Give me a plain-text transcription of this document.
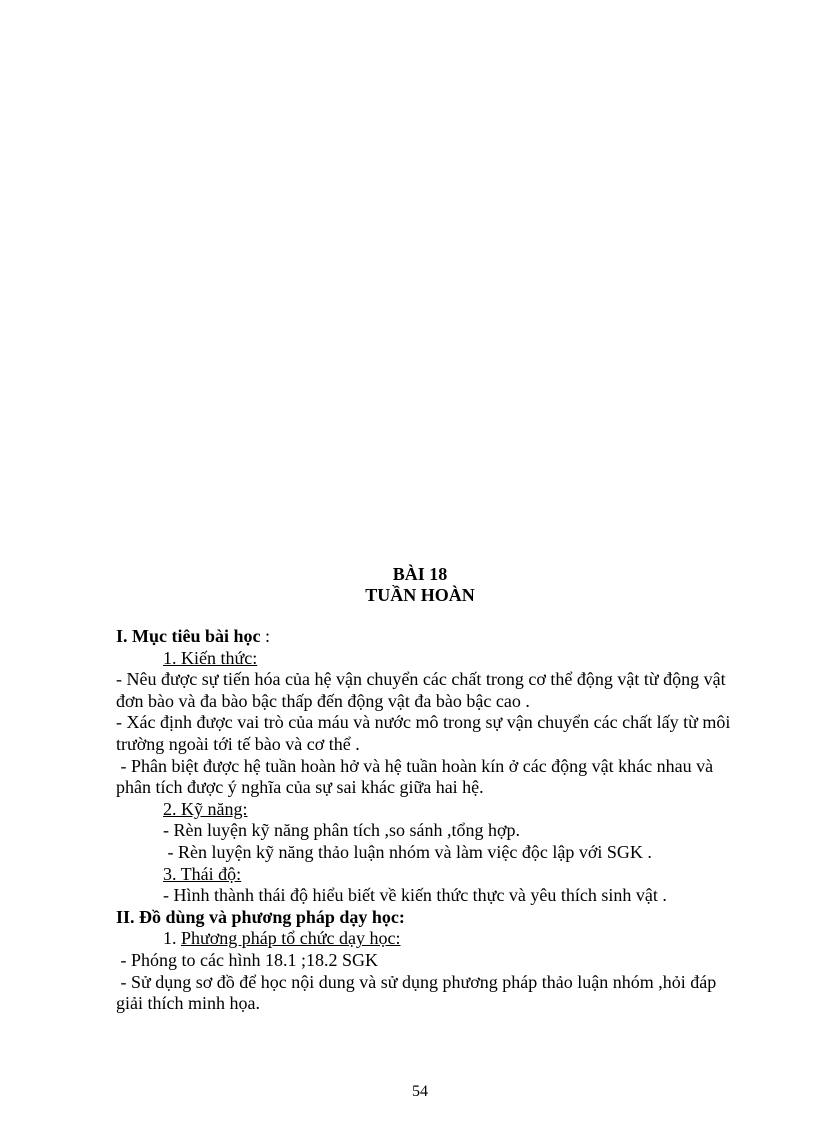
BÀI 18
TUẦN HOÀN
I. Mục tiêu bài học :
1. Kiến thức:
- Nêu được sự tiến hóa của hệ vận chuyển các chất trong cơ thể động vật từ động vật
đơn bào và đa bào bậc thấp đến động vật đa bào bậc cao .
- Xác định được vai trò của máu và nước mô trong sự vận chuyển các chất lấy từ môi
trường ngoài tới tế bào và cơ thể .
- Phân biệt được hệ tuần hoàn hở và hệ tuần hoàn kín ở các động vật khác nhau và
phân tích được ý nghĩa của sự sai khác giữa hai hệ.
2. Kỹ năng:
- Rèn luyện kỹ năng phân tích ,so sánh ,tổng hợp.
- Rèn luyện kỹ năng thảo luận nhóm và làm việc độc lập với SGK .
3. Thái độ:
- Hình thành thái độ hiểu biết về kiến thức thực và yêu thích sinh vật .
II. Đồ dùng và phương pháp dạy học:
1. Phương pháp tổ chức dạy học:
- Phóng to các hình 18.1 ;18.2 SGK
- Sử dụng sơ đồ để học nội dung và sử dụng phương pháp thảo luận nhóm ,hỏi đáp
giải thích minh họa.
54
